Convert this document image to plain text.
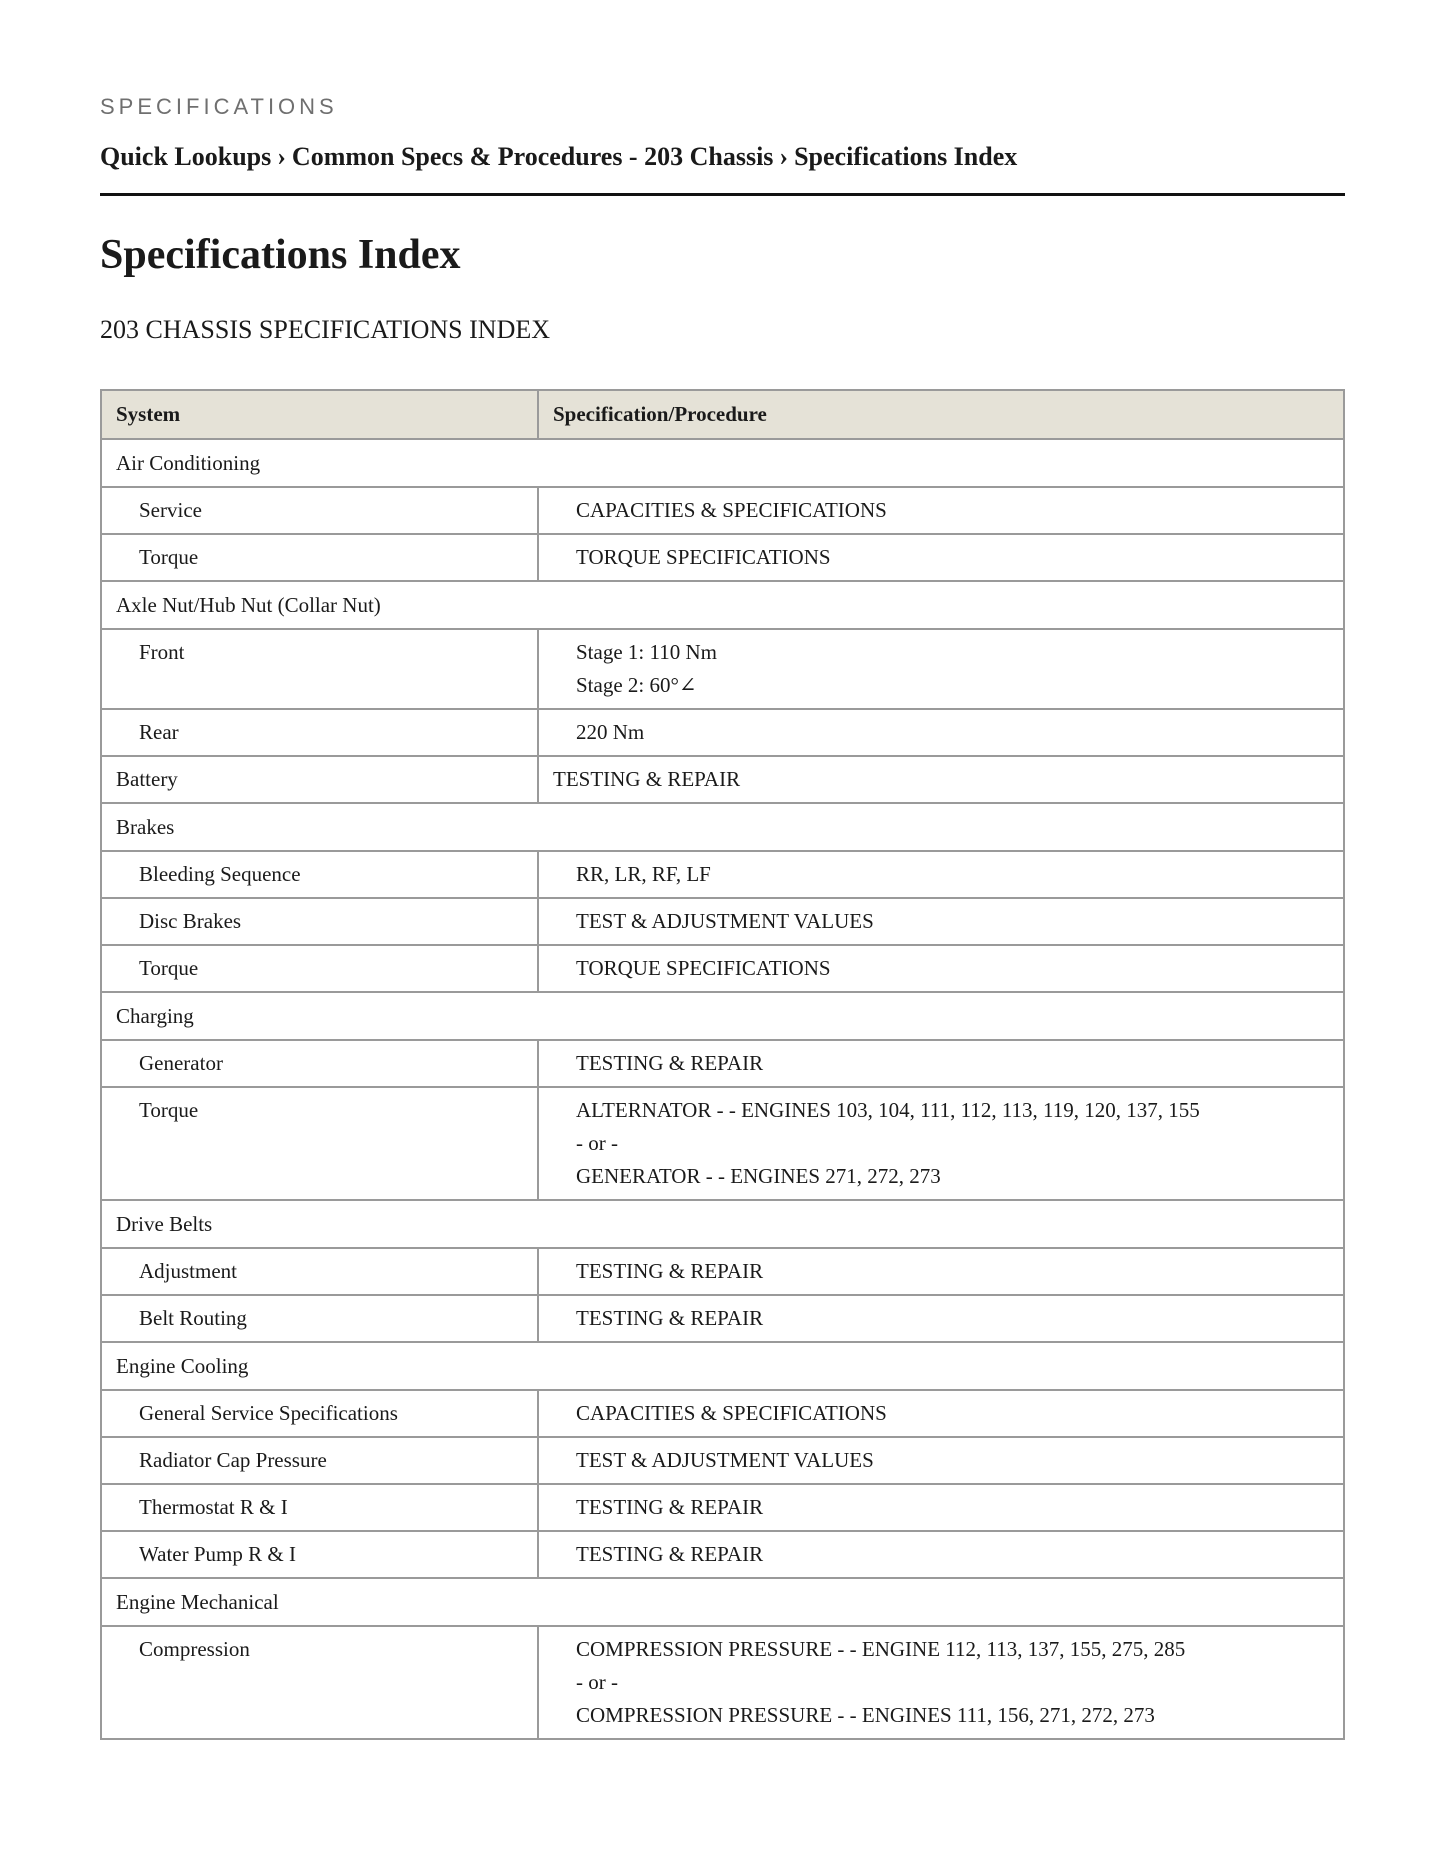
SPECIFICATIONS
Quick Lookups › Common Specs & Procedures - 203 Chassis › Specifications Index
Specifications Index
203 CHASSIS SPECIFICATIONS INDEX
System	Specification/Procedure
Air Conditioning	
Service	CAPACITIES & SPECIFICATIONS

Torque	TORQUE SPECIFICATIONS

Axle Nut/Hub Nut (Collar Nut)	
Front	Stage 1: 110 Nm
Stage 2: 60°∠

Rear	220 Nm

Battery	TESTING & REPAIR

Brakes	
Bleeding Sequence	RR, LR, RF, LF

Disc Brakes	TEST & ADJUSTMENT VALUES

Torque	TORQUE SPECIFICATIONS

Charging	
Generator	TESTING & REPAIR

Torque	ALTERNATOR - - ENGINES 103, 104, 111, 112, 113, 119, 120, 137, 155
- or -
GENERATOR - - ENGINES 271, 272, 273

Drive Belts	
Adjustment	TESTING & REPAIR

Belt Routing	TESTING & REPAIR

Engine Cooling	
General Service Specifications	CAPACITIES & SPECIFICATIONS

Radiator Cap Pressure	TEST & ADJUSTMENT VALUES

Thermostat R & I	TESTING & REPAIR

Water Pump R & I	TESTING & REPAIR

Engine Mechanical	
Compression	COMPRESSION PRESSURE - - ENGINE 112, 113, 137, 155, 275, 285
- or -
COMPRESSION PRESSURE - - ENGINES 111, 156, 271, 272, 273
